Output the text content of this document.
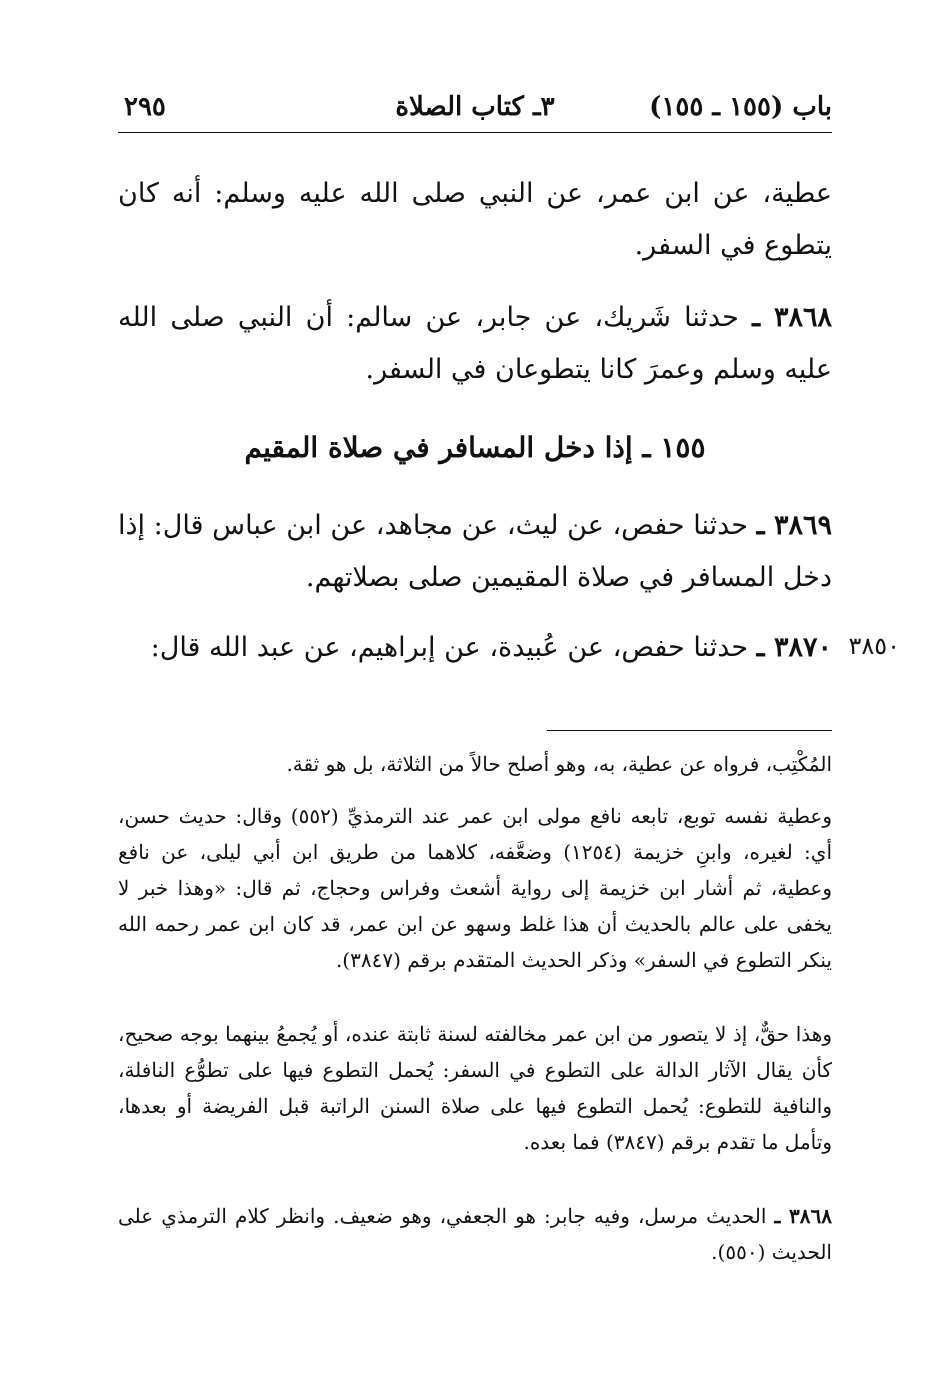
باب (١٥٥ ـ ١٥٥)
٣ـ كتاب الصلاة
٢٩٥

عطية، عن ابن عمر، عن النبي صلى الله عليه وسلم: أنه كان يتطوع في السفر.

٣٨٦٨ ـ حدثنا شَريك، عن جابر، عن سالم: أن النبي صلى الله عليه وسلم وعمرَ كانا يتطوعان في السفر.

١٥٥ ـ إذا دخل المسافر في صلاة المقيم

٣٨٦٩ ـ حدثنا حفص، عن ليث، عن مجاهد، عن ابن عباس قال: إذا دخل المسافر في صلاة المقيمين صلى بصلاتهم.

٣٨٧٠ ـ حدثنا حفص، عن عُبيدة، عن إبراهيم، عن عبد الله قال:	٣٨٥٠

المُكْتِب، فرواه عن عطية، به، وهو أصلح حالاً من الثلاثة، بل هو ثقة.

وعطية نفسه توبع، تابعه نافع مولى ابن عمر عند الترمذيِّ (٥٥٢) وقال: حديث حسن، أي: لغيره، وابنِ خزيمة (١٢٥٤) وضعَّفه، كلاهما من طريق ابن أبي ليلى، عن نافع وعطية، ثم أشار ابن خزيمة إلى رواية أشعث وفراس وحجاج، ثم قال: «وهذا خبر لا يخفى على عالم بالحديث أن هذا غلط وسهو عن ابن عمر، قد كان ابن عمر رحمه الله ينكر التطوع في السفر» وذكر الحديث المتقدم برقم (٣٨٤٧).

وهذا حقٌّ، إذ لا يتصور من ابن عمر مخالفته لسنة ثابتة عنده، أو يُجمعُ بينهما بوجه صحيح، كأن يقال الآثار الدالة على التطوع في السفر: يُحمل التطوع فيها على تطوُّع النافلة، والنافية للتطوع: يُحمل التطوع فيها على صلاة السنن الراتبة قبل الفريضة أو بعدها، وتأمل ما تقدم برقم (٣٨٤٧) فما بعده.

٣٨٦٨ ـ الحديث مرسل، وفيه جابر: هو الجعفي، وهو ضعيف. وانظر كلام الترمذي على الحديث (٥٥٠).
